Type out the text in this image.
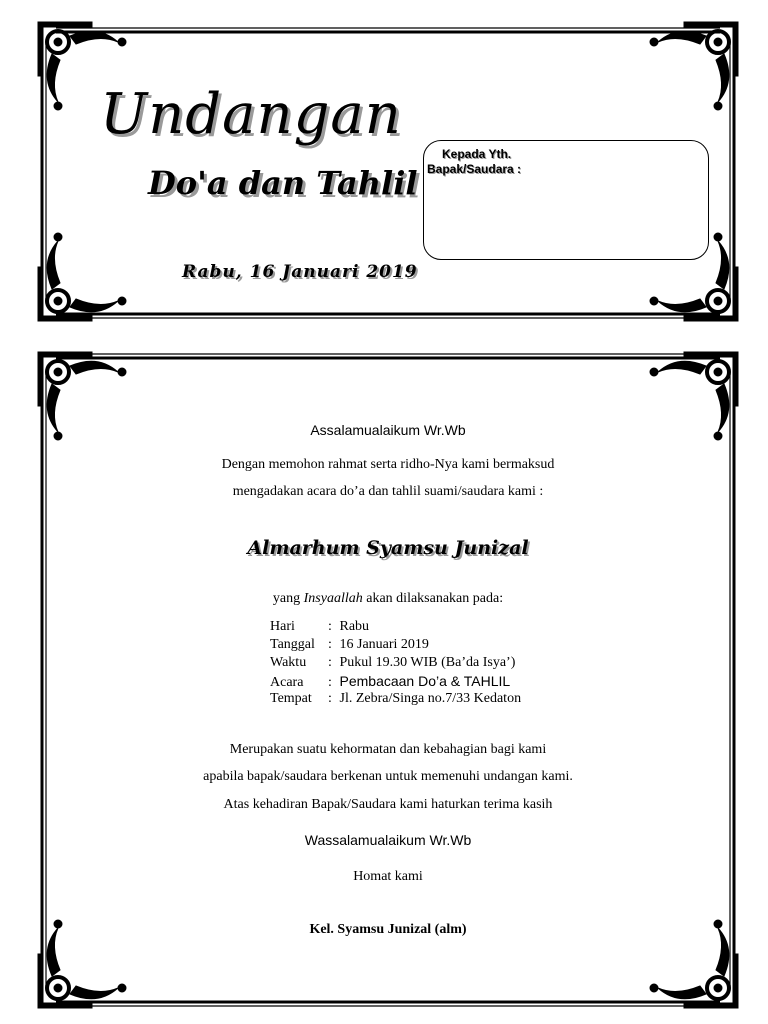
Undangan
Do'a dan Tahlil
Rabu, 16 Januari 2019
Kepada Yth.
Bapak/Saudara :

Assalamualaikum Wr.Wb

Dengan memohon rahmat serta ridho-Nya kami bermaksud

mengadakan acara do’a dan tahlil suami/saudara kami :

Almarhum Syamsu Junizal

yang Insyaallah akan dilaksanakan pada:

Hari : Rabu
Tanggal : 16 Januari 2019
Waktu : Pukul 19.30 WIB (Ba’da Isya’)
Acara : Pembacaan Do’a & TAHLIL
Tempat : Jl. Zebra/Singa no.7/33 Kedaton

Merupakan suatu kehormatan dan kebahagian bagi kami

apabila bapak/saudara berkenan untuk memenuhi undangan kami.

Atas kehadiran Bapak/Saudara kami haturkan terima kasih

Wassalamualaikum Wr.Wb

Homat kami

Kel. Syamsu Junizal (alm)
